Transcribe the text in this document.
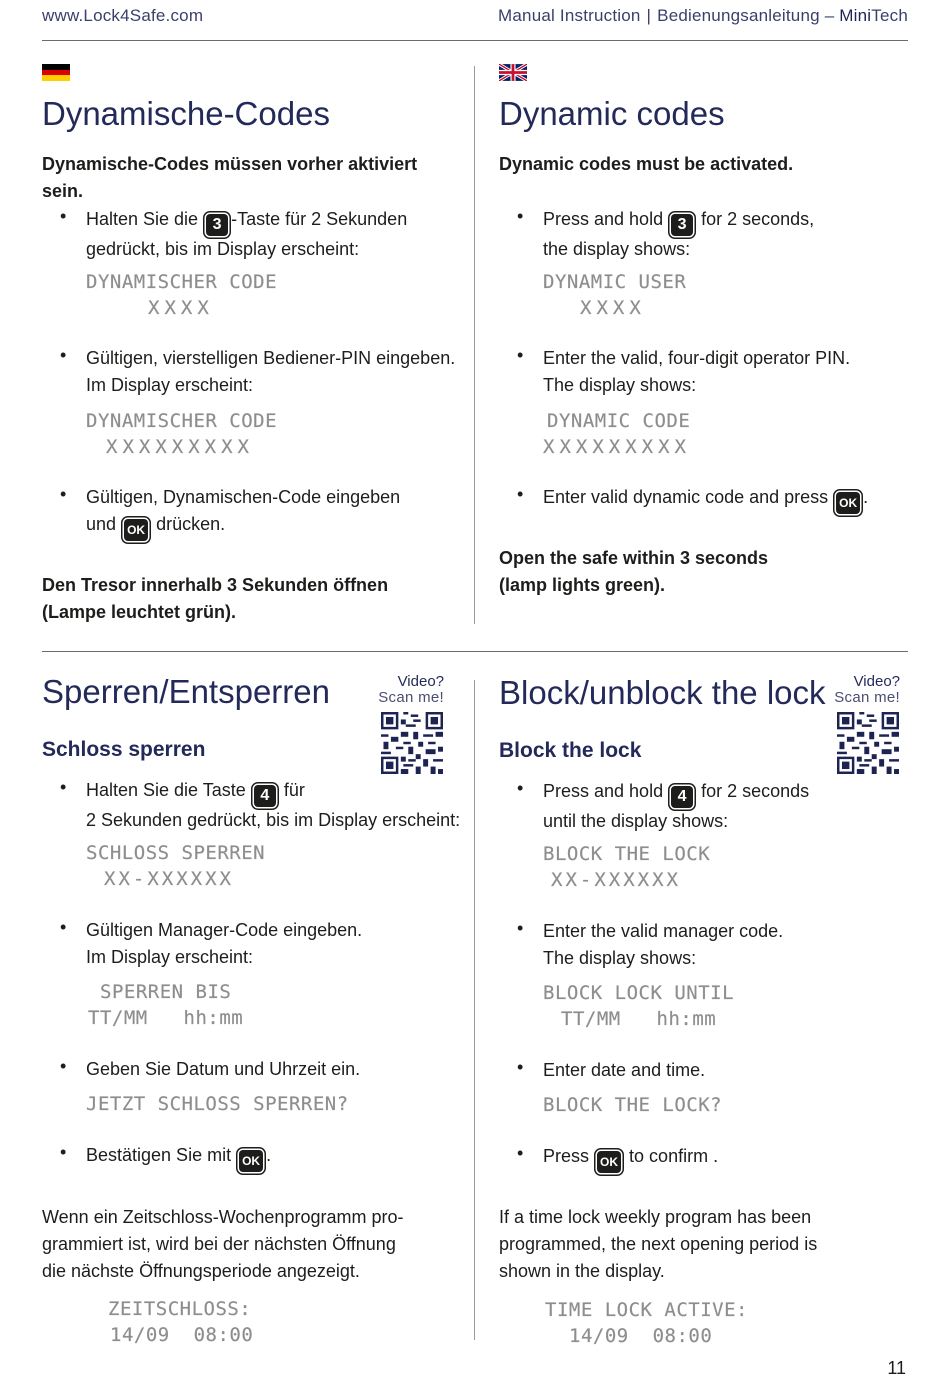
www.Lock4Safe.com	Manual Instruction | Bedienungsanleitung – MiniTech
Dynamische-Codes

Dynamische-Codes müssen vorher aktiviert sein.

• Halten Sie die 3 -Taste für 2 Sekunden
gedrückt, bis im Display erscheint:
DYNAMISCHER CODE
XXXX
• Gültigen, vierstelligen Bediener-PIN eingeben.
Im Display erscheint:
DYNAMISCHER CODE
XXXXXXXXX
• Gültigen, Dynamischen-Code eingeben
und OK drücken.

Den Tresor innerhalb 3 Sekunden öffnen
(Lampe leuchtet grün).

Dynamic codes

Dynamic codes must be activated.

• Press and hold 3 for 2 seconds,
the display shows:
DYNAMIC USER
XXXX
• Enter the valid, four-digit operator PIN.
The display shows:
DYNAMIC CODE
XXXXXXXXX
• Enter valid dynamic code and press OK .

Open the safe within 3 seconds
(lamp lights green).

Sperren/Entsperren	Video?
Scan me!
Schloss sperren
• Halten Sie die Taste 4 für
2 Sekunden gedrückt, bis im Display erscheint:
SCHLOSS SPERREN
XX-XXXXXX
• Gültigen Manager-Code eingeben.
Im Display erscheint:
SPERREN BIS
TT/MM   hh:mm
• Geben Sie Datum und Uhrzeit ein.
JETZT SCHLOSS SPERREN?
• Bestätigen Sie mit OK .

Wenn ein Zeitschloss-Wochenprogramm pro-
grammiert ist, wird bei der nächsten Öffnung
die nächste Öffnungsperiode angezeigt.

ZEITSCHLOSS:
14/09  08:00
Block/unblock the lock	Video?
Scan me!
Block the lock
• Press and hold 4 for 2 seconds
until the display shows:
BLOCK THE LOCK
XX-XXXXXX
• Enter the valid manager code.
The display shows:
BLOCK LOCK UNTIL
TT/MM   hh:mm
• Enter date and time.
BLOCK THE LOCK?
• Press OK to confirm .

If a time lock weekly program has been
programmed, the next opening period is
shown in the display.

TIME LOCK ACTIVE:
14/09  08:00
11
